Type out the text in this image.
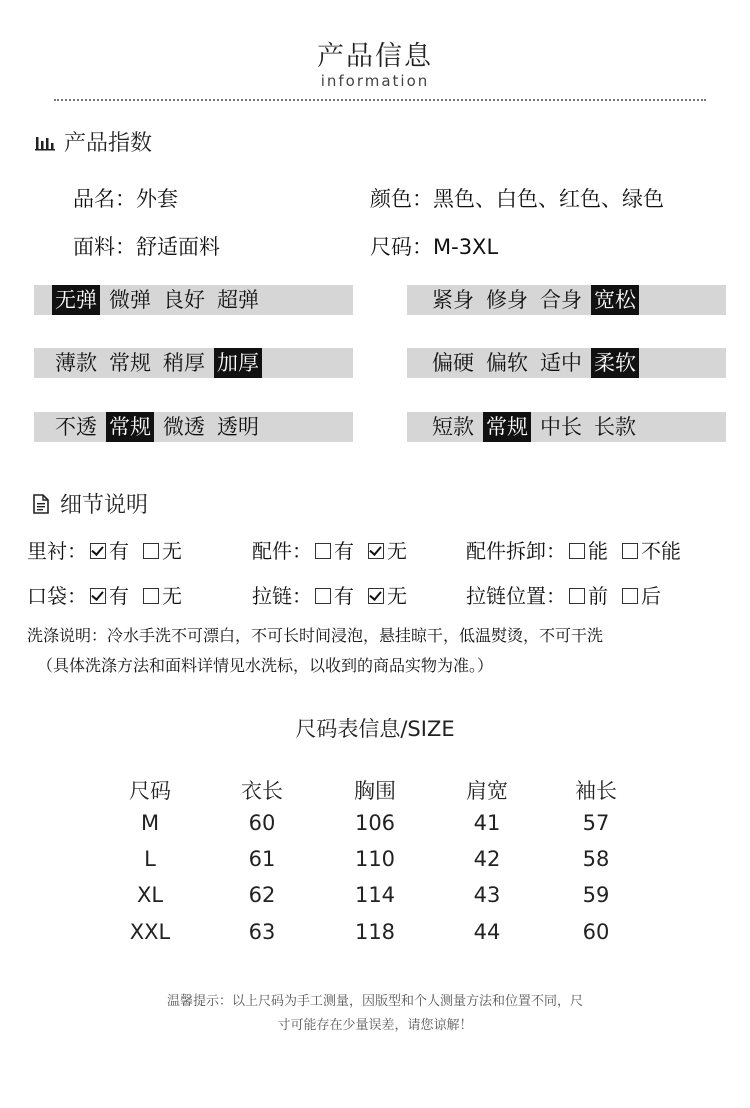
产品信息
information
产品指数
品名：外套	颜色：黑色、白色、红色、绿色
面料：舒适面料	尺码：M-3XL
无弹 微弹 良好 超弹	紧身 修身 合身 宽松
薄款 常规 稍厚 加厚	偏硬 偏软 适中 柔软
不透 常规 微透 透明	短款 常规 中长 长款
细节说明
里衬： 有 无	配件： 有 无	配件拆卸： 能 不能
口袋： 有 无	拉链： 有 无	拉链位置： 前 后
洗涤说明：冷水手洗不可漂白，不可长时间浸泡，悬挂晾干，低温熨烫，不可干洗
（具体洗涤方法和面料详情见水洗标，以收到的商品实物为准。）
尺码表信息/SIZE
尺码	衣长	胸围	肩宽	袖长
M	60	106	41	57
L	61	110	42	58
XL	62	114	43	59
XXL	63	118	44	60
温馨提示：以上尺码为手工测量，因版型和个人测量方法和位置不同，尺
寸可能存在少量误差，请您谅解！
